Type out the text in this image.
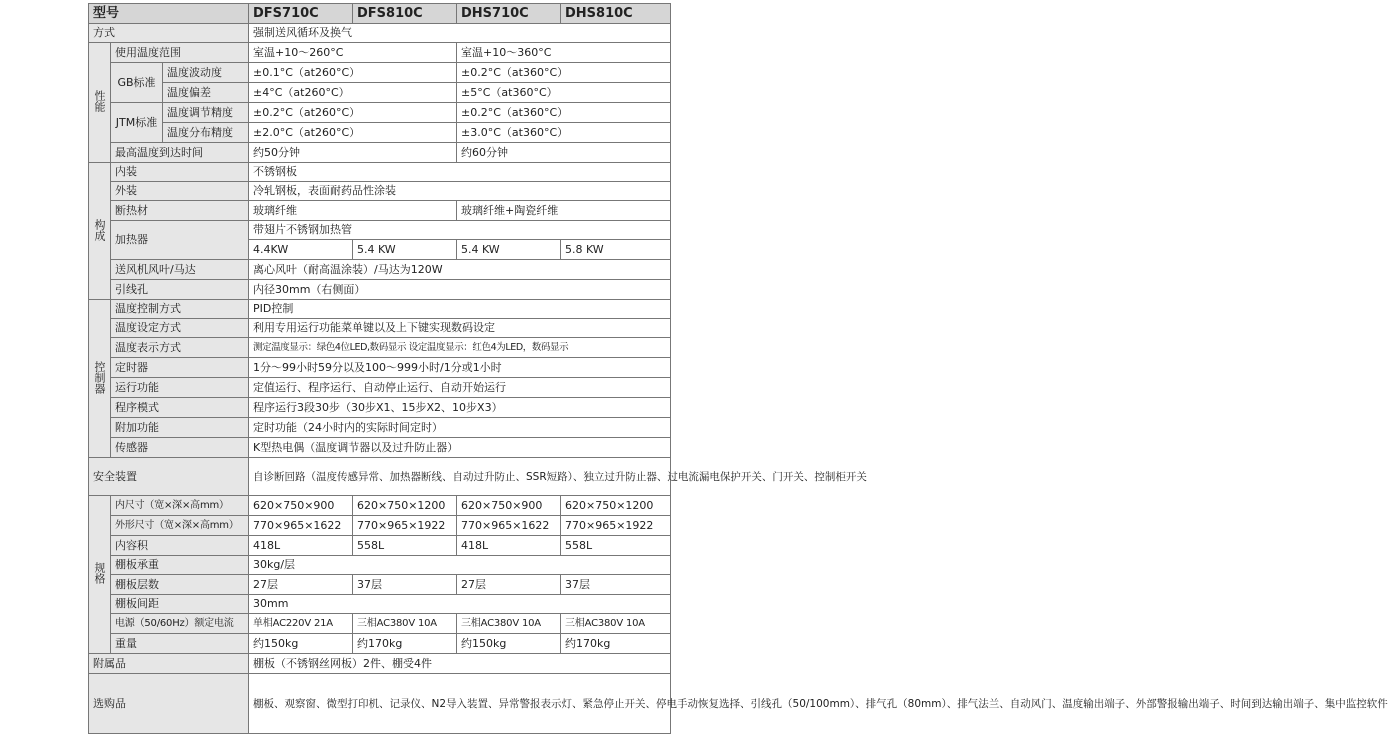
型号			DFS710C	DFS810C	DHS710C	DHS810C
方式			强制送风循环及换气			
性能	使用温度范围		室温+10～260°C		室温+10～360°C	
	GB标准	温度波动度	±0.1°C（at260°C）		±0.2°C（at360°C）	
		温度偏差	±4°C（at260°C）		±5°C（at360°C）	
	JTM标准	温度调节精度	±0.2°C（at260°C）		±0.2°C（at360°C）	
		温度分布精度	±2.0°C（at260°C）		±3.0°C（at360°C）	
	最高温度到达时间		约50分钟		约60分钟	
构成	内装		不锈钢板			
	外装		冷轧钢板，表面耐药品性涂装			
	断热材		玻璃纤维		玻璃纤维+陶瓷纤维	
	加热器		带翅片不锈钢加热管			
			4.4KW	5.4 KW	5.4 KW	5.8 KW
	送风机风叶/马达		离心风叶（耐高温涂装）/马达为120W			
	引线孔		内径30mm（右侧面）			
控制器	温度控制方式		PID控制			
	温度设定方式		利用专用运行功能菜单键以及上下键实现数码设定			
	温度表示方式		测定温度显示：绿色4位LED,数码显示 设定温度显示：红色4为LED，数码显示			
	定时器		1分～99小时59分以及100～999小时/1分或1小时			
	运行功能		定值运行、程序运行、自动停止运行、自动开始运行			
	程序模式		程序运行3段30步（30步X1、15步X2、10步X3）			
	附加功能		定时功能（24小时内的实际时间定时）			
	传感器		K型热电偶（温度调节器以及过升防止器）			
安全装置			自诊断回路（温度传感异常、加热器断线、自动过升防止、SSR短路）、独立过升防止器、过电流漏电保护开关、门开关、控制柜开关			
规格	内尺寸（宽×深×高mm）		620×750×900	620×750×1200	620×750×900	620×750×1200
	外形尺寸（宽×深×高mm）		770×965×1622	770×965×1922	770×965×1622	770×965×1922
	内容积		418L	558L	418L	558L
	棚板承重		30kg/层			
	棚板层数		27层	37层	27层	37层
	棚板间距		30mm			
	电源（50/60Hz）额定电流		单相AC220V 21A	三相AC380V 10A	三相AC380V 10A	三相AC380V 10A
	重量		约150kg	约170kg	约150kg	约170kg
附属品			棚板（不锈钢丝网板）2件、棚受4件			
选购品			棚板、观察窗、微型打印机、记录仪、N2导入装置、异常警报表示灯、紧急停止开关、停电手动恢复选择、引线孔（50/100mm）、排气孔（80mm）、排气法兰、自动风门、温度输出端子、外部警报输出端子、时间到达输出端子、集中监控软件			
